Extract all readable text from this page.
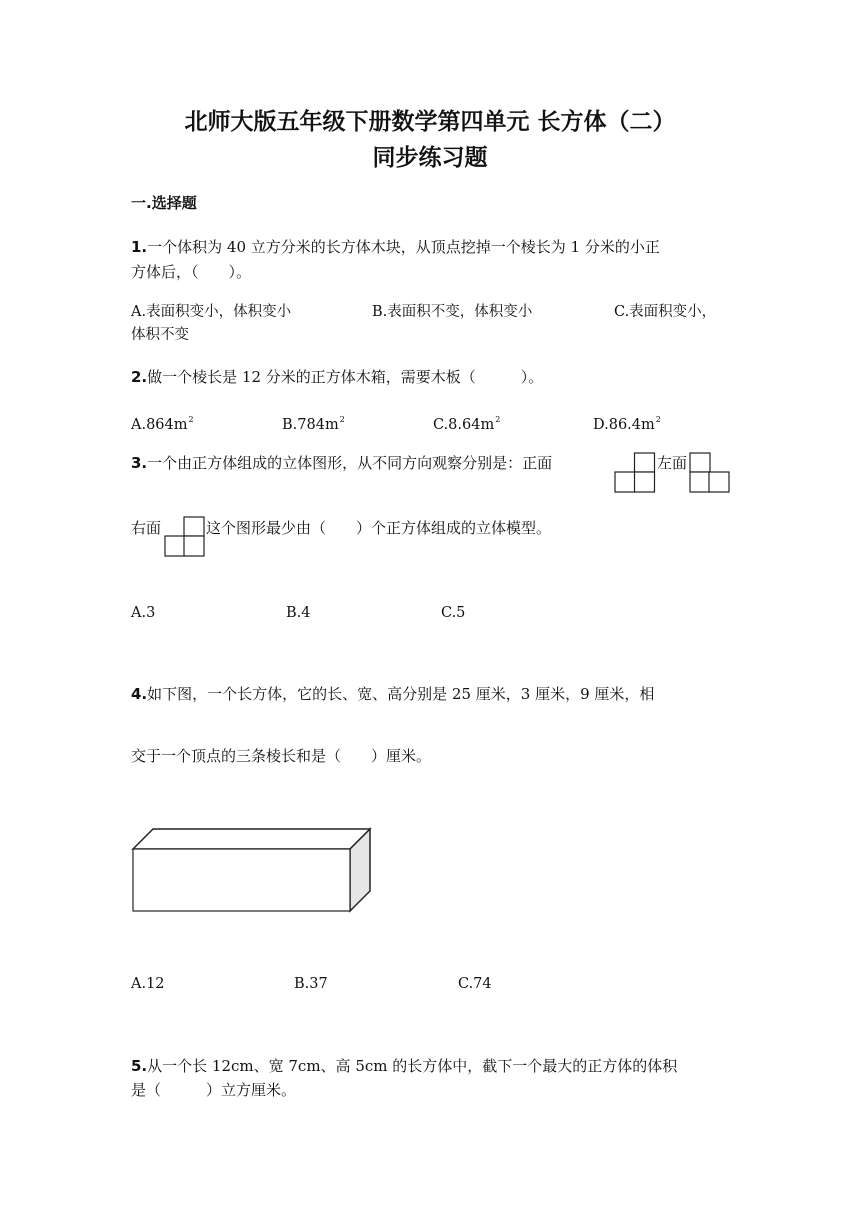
北师大版五年级下册数学第四单元 长方体（二）
同步练习题
一.选择题
1.一个体积为 40 立方分米的长方体木块，从顶点挖掉一个棱长为 1 分米的小正
方体后，（　　）。
A.表面积变小，体积变小	B.表面积不变，体积变小	C.表面积变小，
体积不变
2.做一个棱长是 12 分米的正方体木箱，需要木板（　　　）。
$A.864m^2$	$B.784m^2$	$C.8.64m^2$	$D.86.4m^2$
3.一个由正方体组成的立体图形，从不同方向观察分别是：正面	左面
右面	这个图形最少由（　　）个正方体组成的立体模型。
A.3	B.4	C.5
4.如下图，一个长方体，它的长、宽、高分别是 25 厘米，3 厘米，9 厘米，相
交于一个顶点的三条棱长和是（　　）厘米。
A.12	B.37	C.74
5.从一个长 12cm、宽 7cm、高 5cm 的长方体中，截下一个最大的正方体的体积
是（　　　）立方厘米。
